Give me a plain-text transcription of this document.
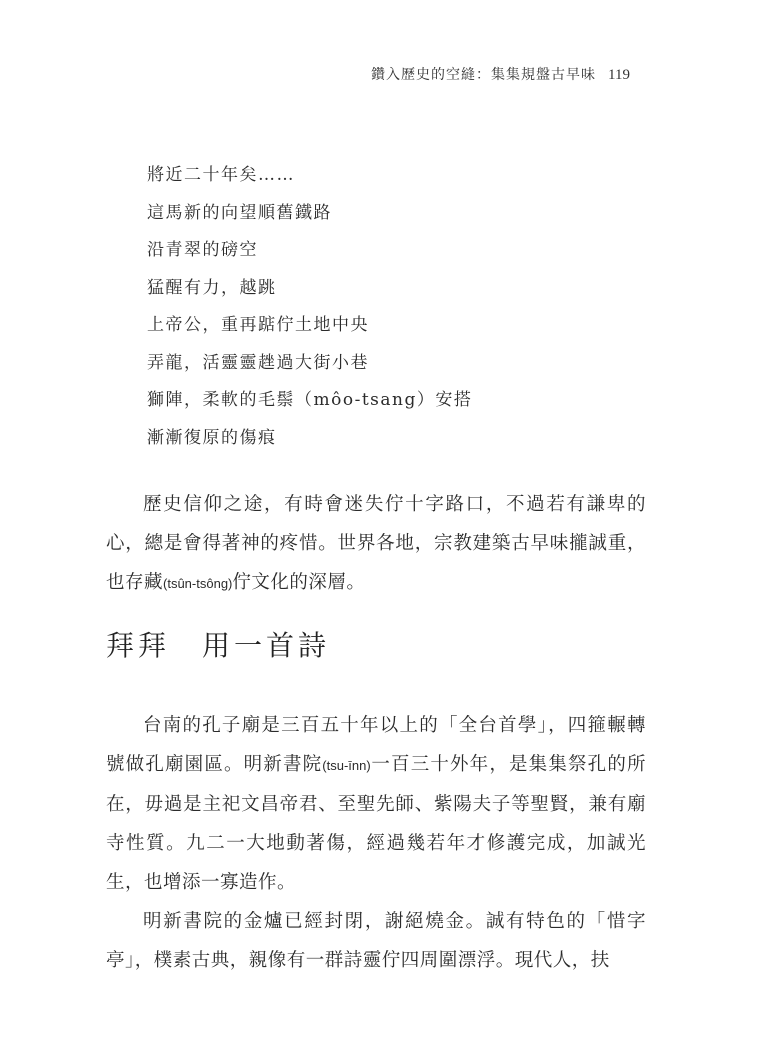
鑽入歷史的空縫：集集規盤古早味 119
將近二十年矣……
這馬新的向望順舊鐵路
沿青翠的磅空
猛醒有力，越跳
上帝公，重再踮佇土地中央
弄龍，活靈靈趖過大街小巷
獅陣，柔軟的毛鬃（môo-tsang）安搭
漸漸復原的傷痕

歷史信仰之途，有時會迷失佇十字路口，不過若有謙卑的心，總是會得著神的疼惜。世界各地，宗教建築古早味攏誠重，也存藏(tsûn-tsông)佇文化的深層。

拜拜　用一首詩

台南的孔子廟是三百五十年以上的「全台首學」，四箍輾轉號做孔廟園區。明新書院(tsu-īnn)一百三十外年，是集集祭孔的所在，毋過是主祀文昌帝君、至聖先師、紫陽夫子等聖賢，兼有廟寺性質。九二一大地動著傷，經過幾若年才修護完成，加誠光生，也增添一寡造作。

明新書院的金爐已經封閉，謝絕燒金。誠有特色的「惜字亭」，樸素古典，親像有一群詩靈佇四周圍漂浮。現代人，扶
